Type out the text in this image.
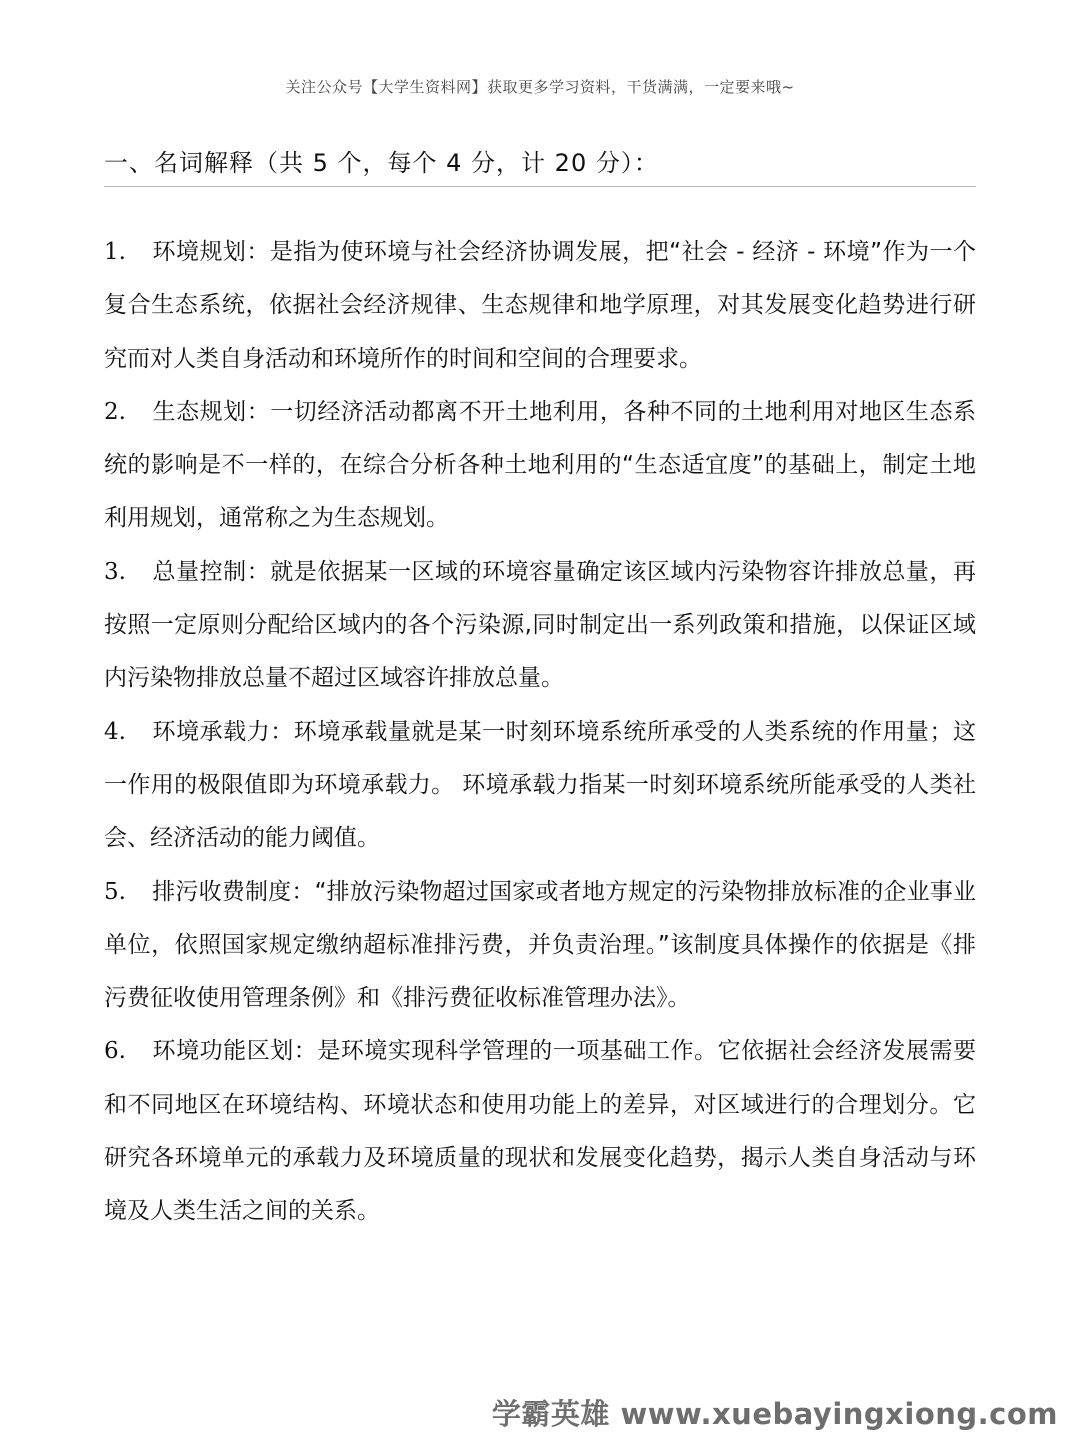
关注公众号【大学生资料网】获取更多学习资料，干货满满，一定要来哦~
一、名词解释（共 5 个，每个 4 分，计 20 分）：

1. 环境规划：是指为使环境与社会经济协调发展，把“社会 - 经济 - 环境”作为一个复合生态系统，依据社会经济规律、生态规律和地学原理，对其发展变化趋势进行研究而对人类自身活动和环境所作的时间和空间的合理要求。

2. 生态规划：一切经济活动都离不开土地利用，各种不同的土地利用对地区生态系统的影响是不一样的，在综合分析各种土地利用的“生态适宜度”的基础上，制定土地利用规划，通常称之为生态规划。

3. 总量控制：就是依据某一区域的环境容量确定该区域内污染物容许排放总量，再按照一定原则分配给区域内的各个污染源,同时制定出一系列政策和措施，以保证区域内污染物排放总量不超过区域容许排放总量。

4. 环境承载力：环境承载量就是某一时刻环境系统所承受的人类系统的作用量；这一作用的极限值即为环境承载力。 环境承载力指某一时刻环境系统所能承受的人类社会、经济活动的能力阈值。

5. 排污收费制度：“排放污染物超过国家或者地方规定的污染物排放标准的企业事业单位，依照国家规定缴纳超标准排污费，并负责治理。”该制度具体操作的依据是《排污费征收使用管理条例》和《排污费征收标准管理办法》。

6. 环境功能区划：是环境实现科学管理的一项基础工作。它依据社会经济发展需要和不同地区在环境结构、环境状态和使用功能上的差异，对区域进行的合理划分。它研究各环境单元的承载力及环境质量的现状和发展变化趋势，揭示人类自身活动与环境及人类生活之间的关系。

学霸英雄 www.xuebayingxiong.com
